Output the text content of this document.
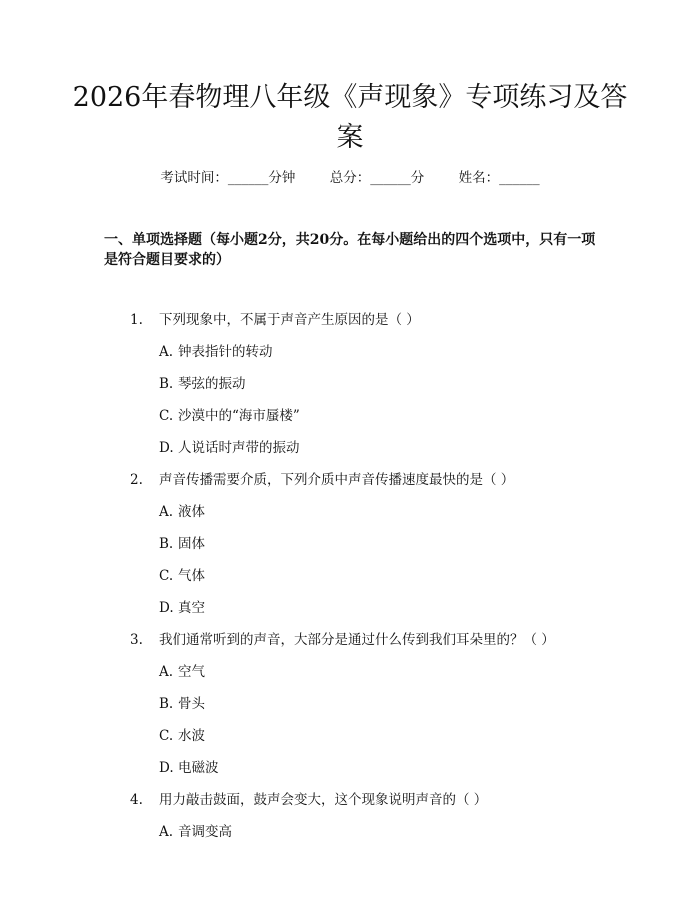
2026年春物理八年级《声现象》专项练习及答案
考试时间：______分钟	总分：______分	姓名：______
一、单项选择题（每小题2分，共20分。在每小题给出的四个选项中，只有一项是符合题目要求的）
1. 下列现象中，不属于声音产生原因的是（ ）
A. 钟表指针的转动
B. 琴弦的振动
C. 沙漠中的“海市蜃楼”
D. 人说话时声带的振动
2. 声音传播需要介质，下列介质中声音传播速度最快的是（ ）
A. 液体
B. 固体
C. 气体
D. 真空
3. 我们通常听到的声音，大部分是通过什么传到我们耳朵里的？（ ）
A. 空气
B. 骨头
C. 水波
D. 电磁波
4. 用力敲击鼓面，鼓声会变大，这个现象说明声音的（ ）
A. 音调变高
